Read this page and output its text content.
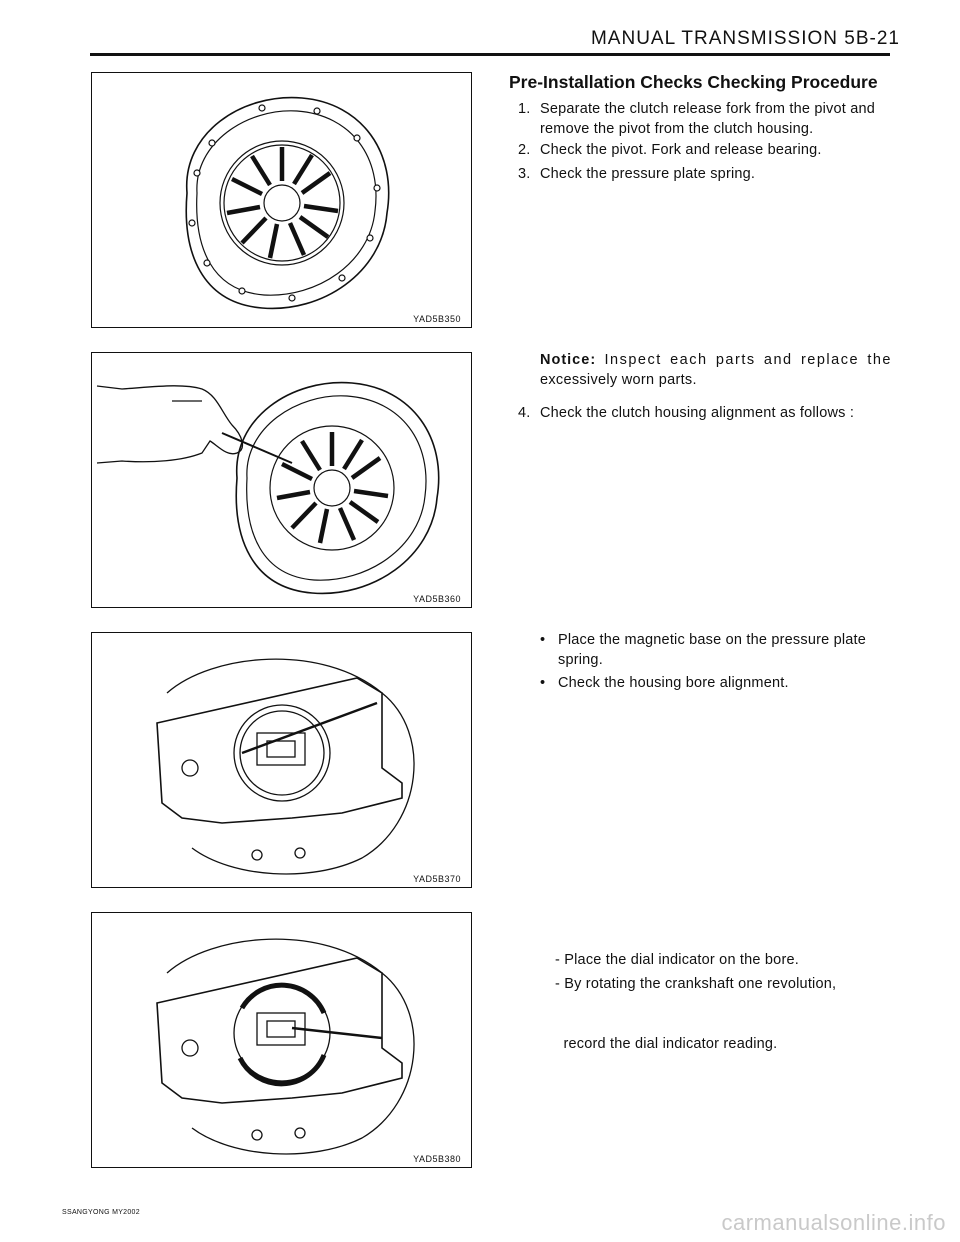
MANUAL TRANSMISSION 5B-21
YAD5B350
YAD5B360
YAD5B370
YAD5B380
Pre-Installation Checks Checking Procedure
1. Separate the clutch release fork from the pivot and
remove the pivot from the clutch housing.
2. Check the pivot. Fork and release bearing.
3. Check the pressure plate spring.
Notice: Inspect each parts and replace the
excessively worn parts.
4. Check the clutch housing alignment as follows :
• Place the magnetic base on the pressure plate
spring.
• Check the housing bore alignment.

- Place the dial indicator on the bore.

- By rotating the crankshaft one revolution,

record the dial indicator reading.

SSANGYONG MY2002	carmanualsonline.info
